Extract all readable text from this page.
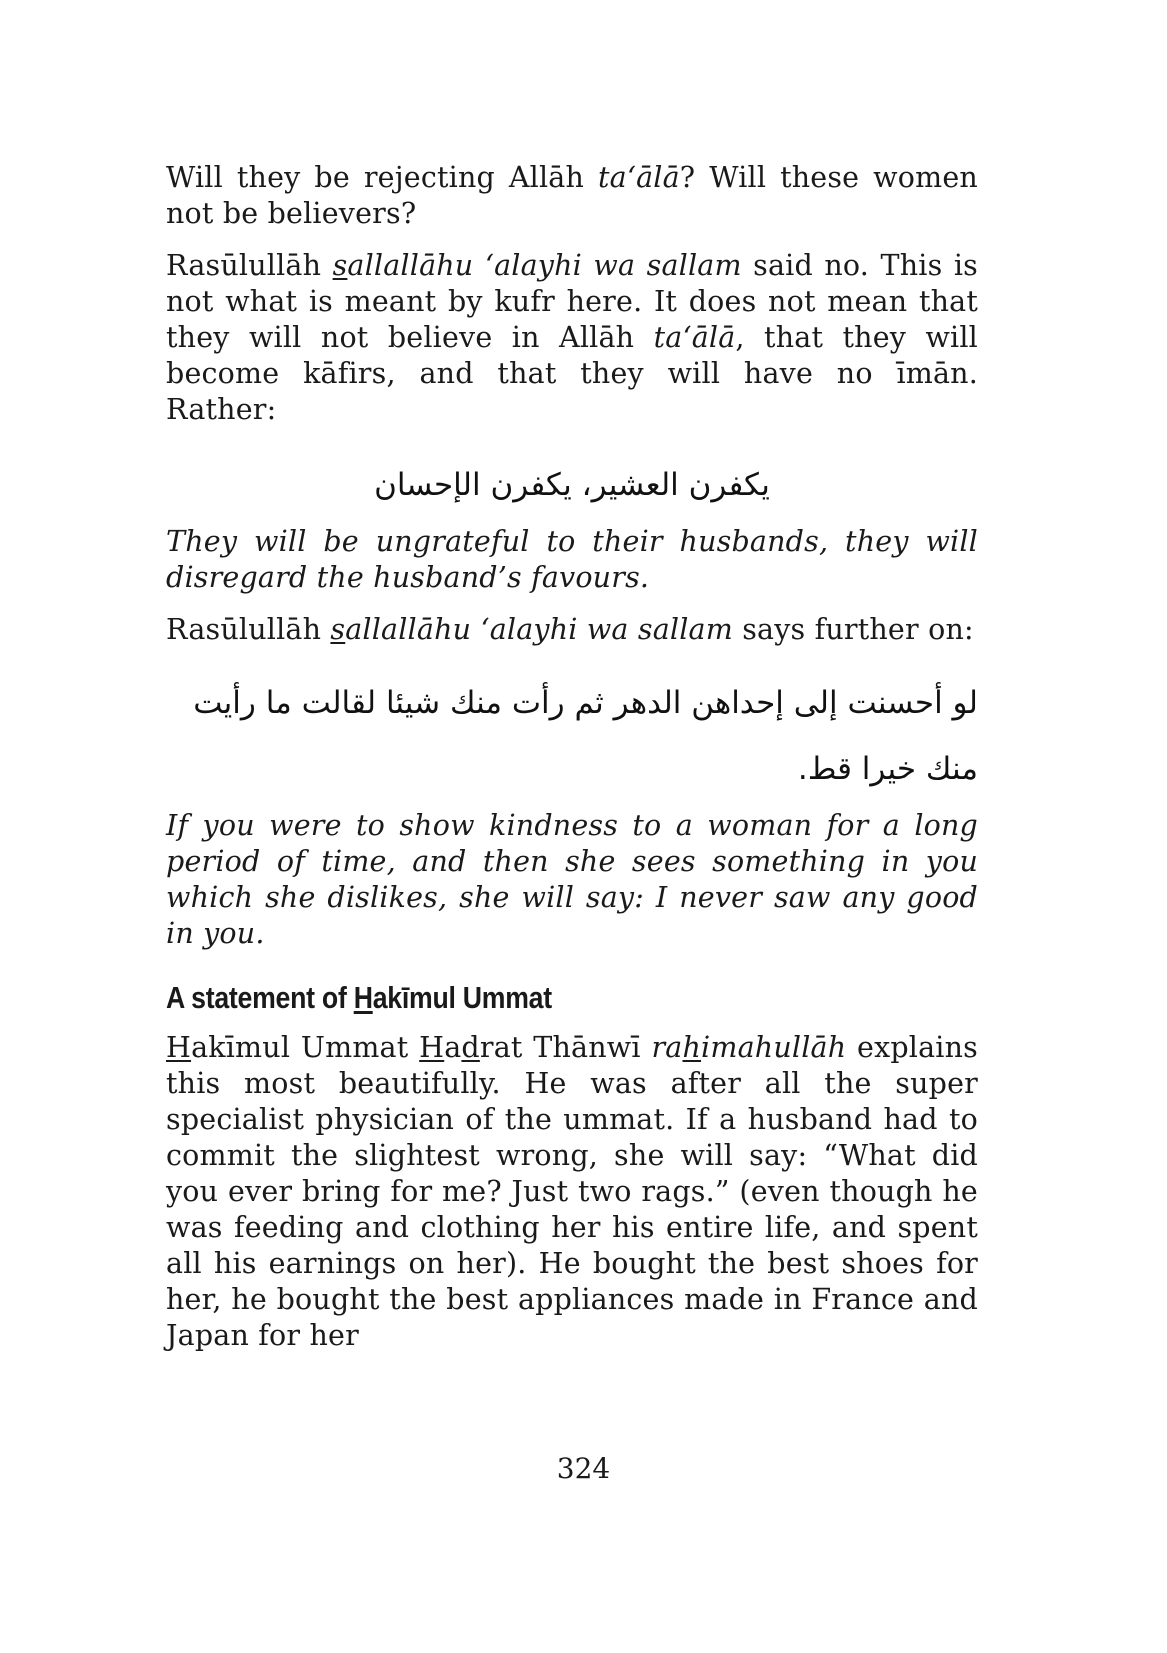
Will they be rejecting Allāh ta‘ālā? Will these women not be believers?

Rasūlullāh sallallāhu ‘alayhi wa sallam said no. This is not what is meant by kufr here. It does not mean that they will not believe in Allāh ta‘ālā, that they will become kāfirs, and that they will have no īmān. Rather:

يكفرن العشير، يكفرن الإحسان

They will be ungrateful to their husbands, they will disregard the husband’s favours.

Rasūlullāh sallallāhu ‘alayhi wa sallam says further on:

لو أحسنت إلى إحداهن الدهر ثم رأت منك شيئا لقالت ما رأيت منك خيرا قط.

If you were to show kindness to a woman for a long period of time, and then she sees something in you which she dislikes, she will say: I never saw any good in you.

A statement of Hakīmul Ummat

Hakīmul Ummat Hadrat Thānwī rahimahullāh explains this most beautifully. He was after all the super specialist physician of the ummat. If a husband had to commit the slightest wrong, she will say: “What did you ever bring for me? Just two rags.” (even though he was feeding and clothing her his entire life, and spent all his earnings on her). He bought the best shoes for her, he bought the best appliances made in France and Japan for her

324
